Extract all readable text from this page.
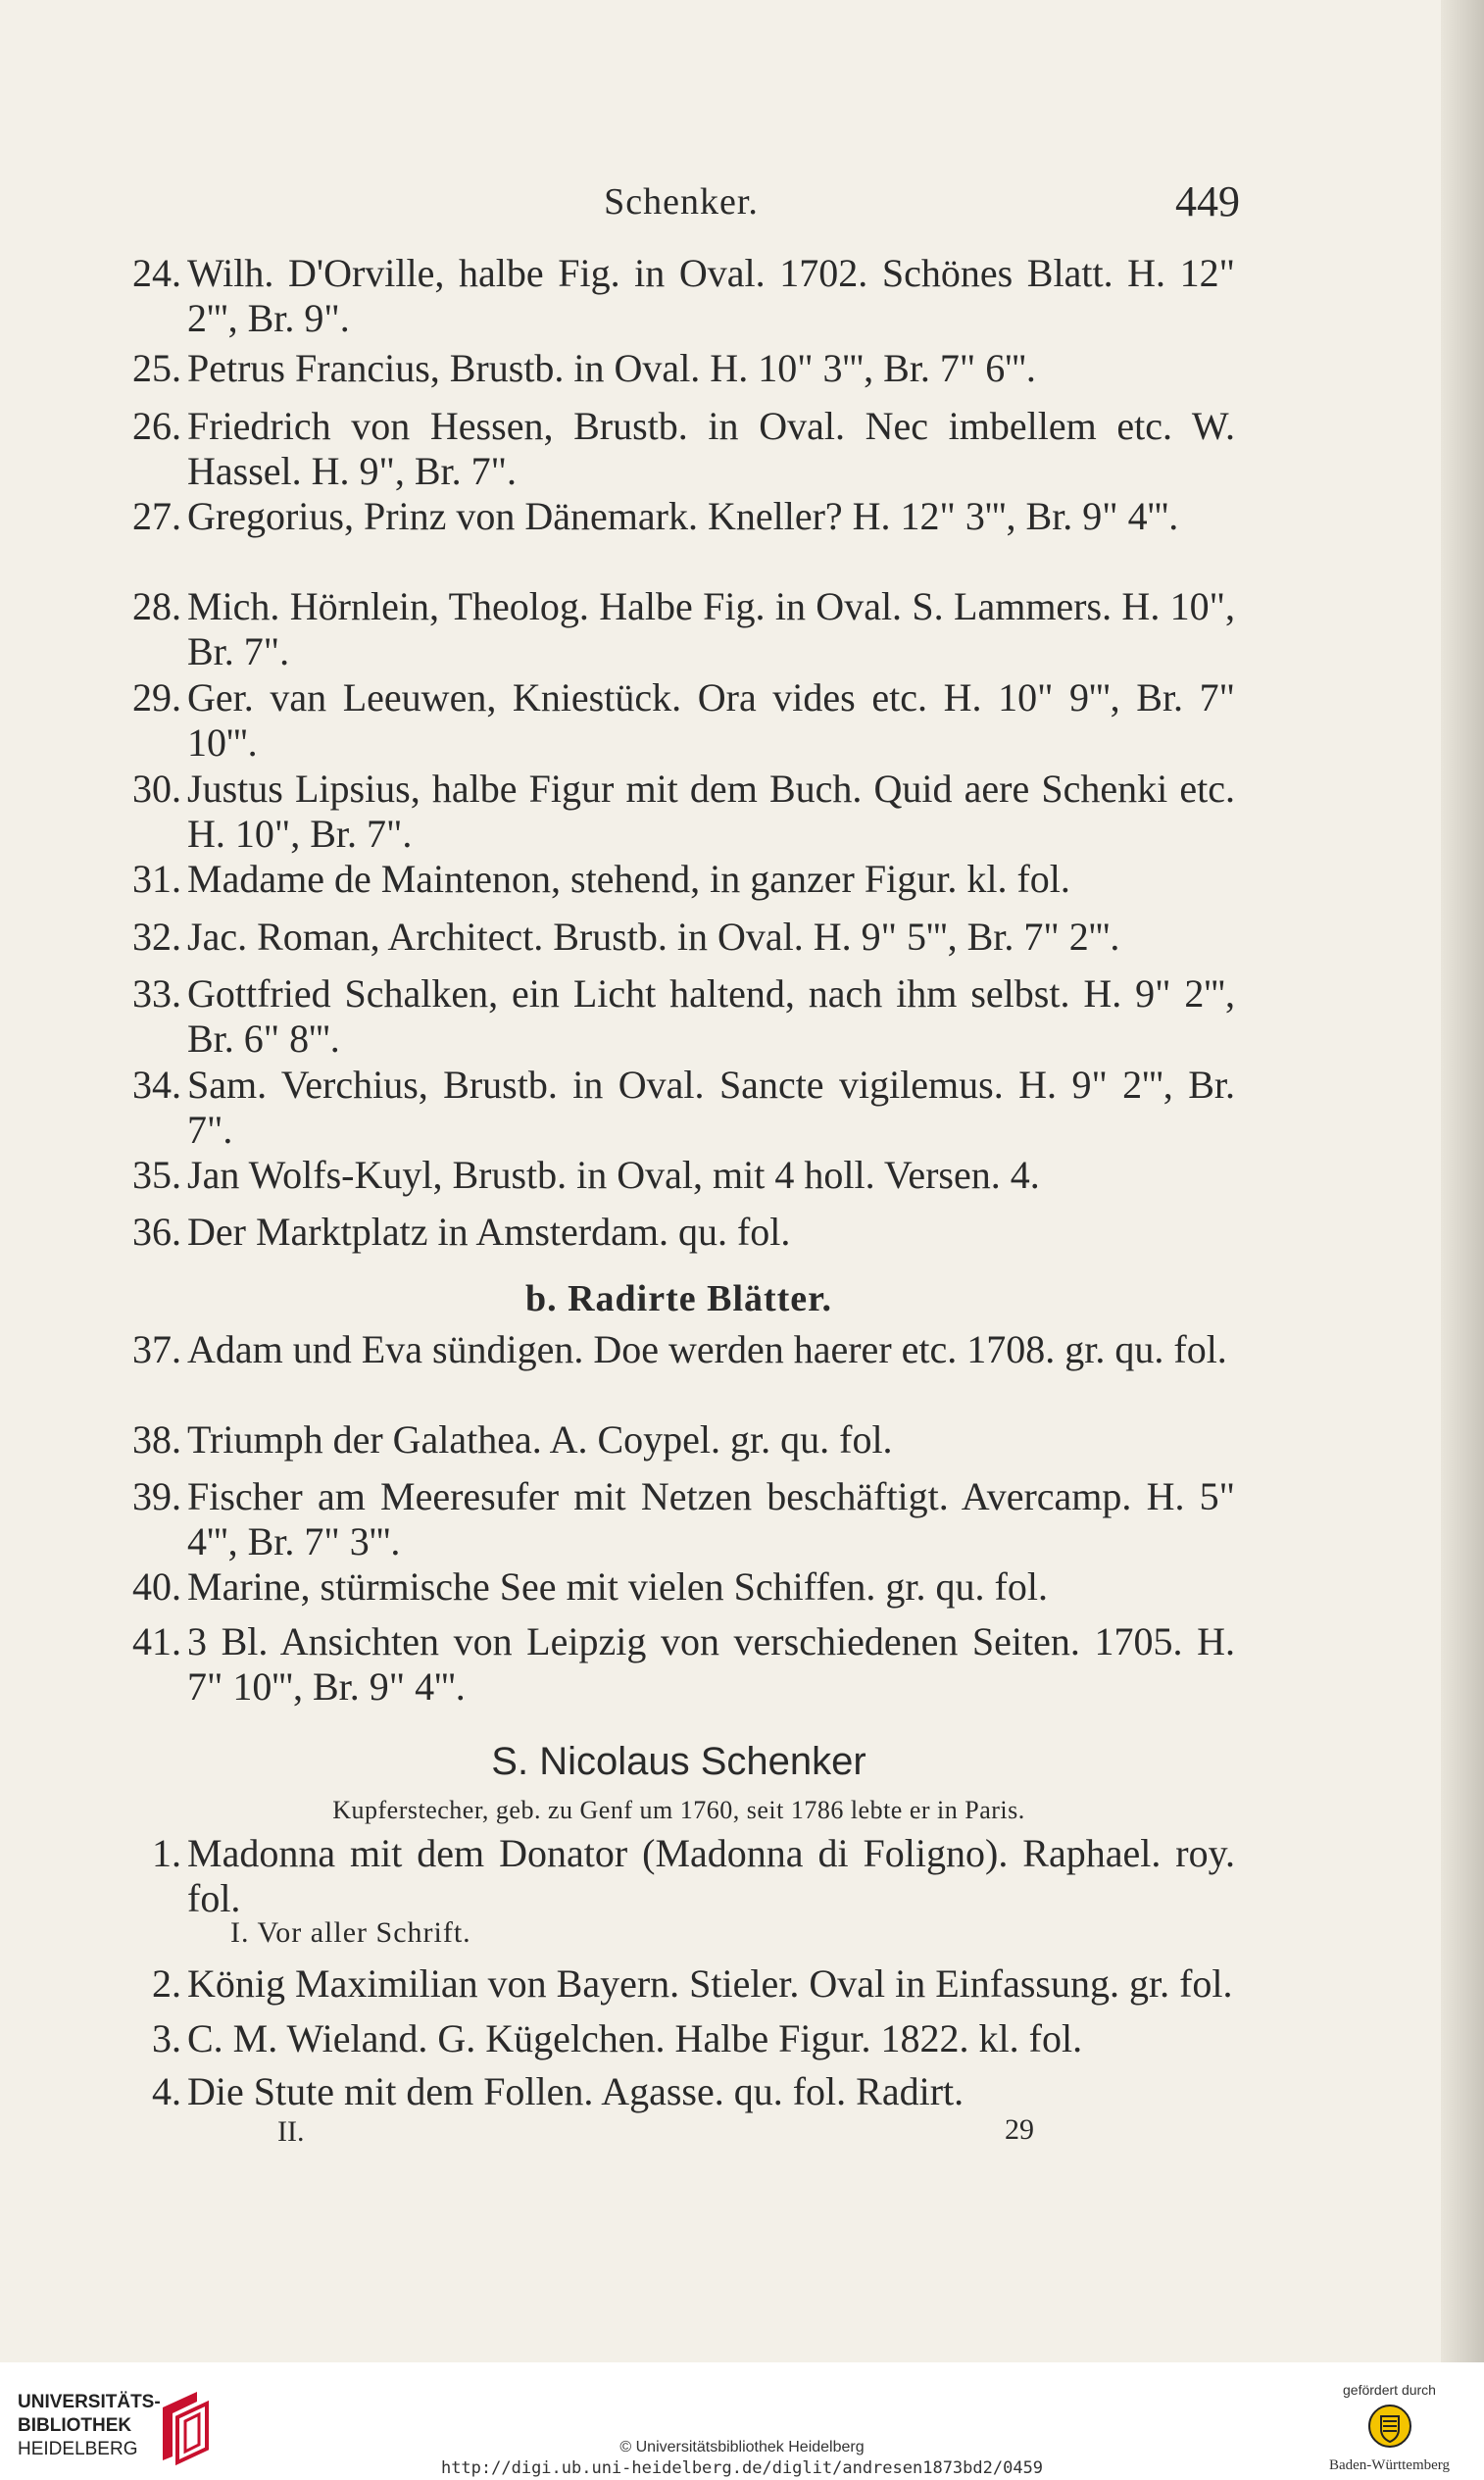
Schenker.	449
24. Wilh. D'Orville, halbe Fig. in Oval. 1702. Schönes Blatt. H. 12" 2''', Br. 9".
25. Petrus Francius, Brustb. in Oval. H. 10" 3''', Br. 7" 6'''.
26. Friedrich von Hessen, Brustb. in Oval. Nec imbellem etc. W. Hassel. H. 9", Br. 7".
27. Gregorius, Prinz von Dänemark. Kneller? H. 12" 3''', Br. 9" 4'''.
28. Mich. Hörnlein, Theolog. Halbe Fig. in Oval. S. Lammers. H. 10", Br. 7".
29. Ger. van Leeuwen, Kniestück. Ora vides etc. H. 10" 9''', Br. 7" 10'''.
30. Justus Lipsius, halbe Figur mit dem Buch. Quid aere Schenki etc. H. 10", Br. 7".
31. Madame de Maintenon, stehend, in ganzer Figur. kl. fol.
32. Jac. Roman, Architect. Brustb. in Oval. H. 9" 5''', Br. 7" 2'''.
33. Gottfried Schalken, ein Licht haltend, nach ihm selbst. H. 9" 2''', Br. 6" 8'''.
34. Sam. Verchius, Brustb. in Oval. Sancte vigilemus. H. 9" 2''', Br. 7".
35. Jan Wolfs-Kuyl, Brustb. in Oval, mit 4 holl. Versen. 4.
36. Der Marktplatz in Amsterdam. qu. fol.
b. Radirte Blätter.
37. Adam und Eva sündigen. Doe werden haerer etc. 1708. gr. qu. fol.
38. Triumph der Galathea. A. Coypel. gr. qu. fol.
39. Fischer am Meeresufer mit Netzen beschäftigt. Avercamp. H. 5" 4''', Br. 7" 3'''.
40. Marine, stürmische See mit vielen Schiffen. gr. qu. fol.
41. 3 Bl. Ansichten von Leipzig von verschiedenen Seiten. 1705. H. 7" 10''', Br. 9" 4'''.
S. Nicolaus Schenker
Kupferstecher, geb. zu Genf um 1760, seit 1786 lebte er in Paris.
1. Madonna mit dem Donator (Madonna di Foligno). Raphael. roy. fol.
I. Vor aller Schrift.
2. König Maximilian von Bayern. Stieler. Oval in Einfassung. gr. fol.
3. C. M. Wieland. G. Kügelchen. Halbe Figur. 1822. kl. fol.
4. Die Stute mit dem Follen. Agasse. qu. fol. Radirt.
II.	29
UNIVERSITÄTS-
BIBLIOTHEK
HEIDELBERG	© Universitätsbibliothek Heidelberg
http://digi.ub.uni-heidelberg.de/diglit/andresen1873bd2/0459
gefördert durch
Baden-Württemberg
